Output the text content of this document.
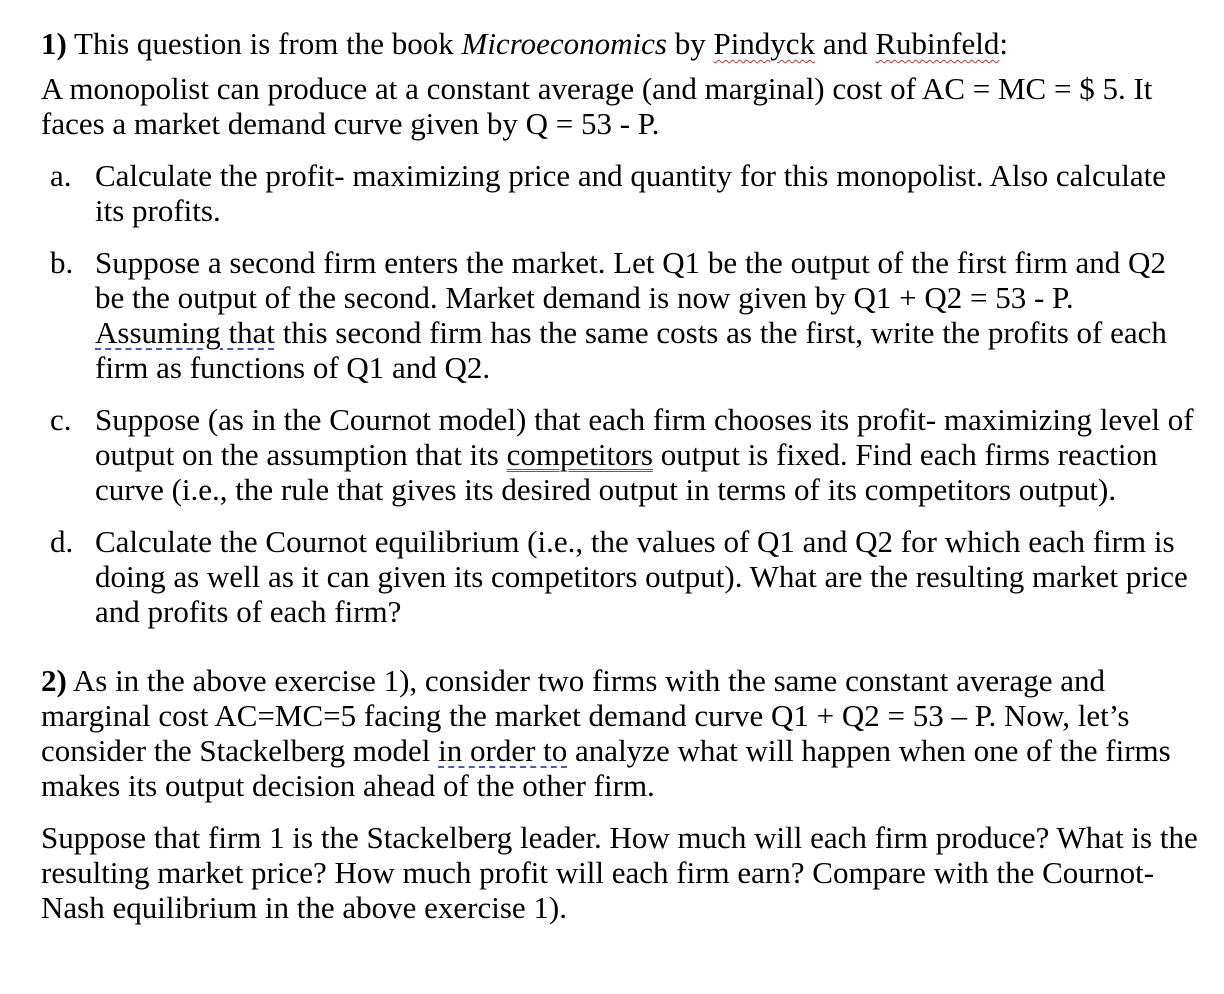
1) This question is from the book Microeconomics by Pindyck and Rubinfeld:

A monopolist can produce at a constant average (and marginal) cost of AC = MC = $ 5. It faces a market demand curve given by Q = 53 - P.

a. Calculate the profit- maximizing price and quantity for this monopolist. Also calculate its profits.
b. Suppose a second firm enters the market. Let Q1 be the output of the first firm and Q2 be the output of the second. Market demand is now given by Q1 + Q2 = 53 - P. Assuming that this second firm has the same costs as the first, write the profits of each firm as functions of Q1 and Q2.
c. Suppose (as in the Cournot model) that each firm chooses its profit- maximizing level of output on the assumption that its competitors output is fixed. Find each firms reaction curve (i.e., the rule that gives its desired output in terms of its competitors output).
d. Calculate the Cournot equilibrium (i.e., the values of Q1 and Q2 for which each firm is doing as well as it can given its competitors output). What are the resulting market price and profits of each firm?

2) As in the above exercise 1), consider two firms with the same constant average and marginal cost AC=MC=5 facing the market demand curve Q1 + Q2 = 53 – P. Now, let’s consider the Stackelberg model in order to analyze what will happen when one of the firms makes its output decision ahead of the other firm.

Suppose that firm 1 is the Stackelberg leader. How much will each firm produce? What is the resulting market price? How much profit will each firm earn? Compare with the Cournot-Nash equilibrium in the above exercise 1).
